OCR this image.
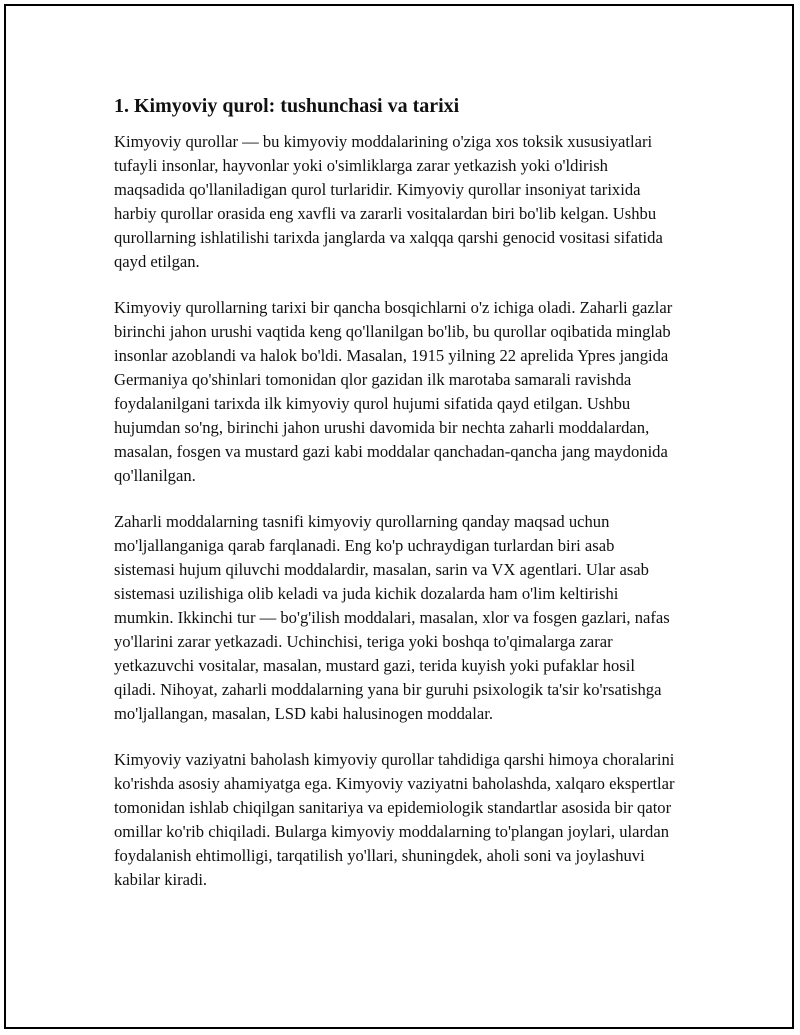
1. Kimyoviy qurol: tushunchasi va tarixi

Kimyoviy qurollar — bu kimyoviy moddalarining o'ziga xos toksik xususiyatlari tufayli insonlar, hayvonlar yoki o'simliklarga zarar yetkazish yoki o'ldirish maqsadida qo'llaniladigan qurol turlaridir. Kimyoviy qurollar insoniyat tarixida harbiy qurollar orasida eng xavfli va zararli vositalardan biri bo'lib kelgan. Ushbu qurollarning ishlatilishi tarixda janglarda va xalqqa qarshi genocid vositasi sifatida qayd etilgan.

Kimyoviy qurollarning tarixi bir qancha bosqichlarni o'z ichiga oladi. Zaharli gazlar birinchi jahon urushi vaqtida keng qo'llanilgan bo'lib, bu qurollar oqibatida minglab insonlar azoblandi va halok bo'ldi. Masalan, 1915 yilning 22 aprelida Ypres jangida Germaniya qo'shinlari tomonidan qlor gazidan ilk marotaba samarali ravishda foydalanilgani tarixda ilk kimyoviy qurol hujumi sifatida qayd etilgan. Ushbu hujumdan so'ng, birinchi jahon urushi davomida bir nechta zaharli moddalardan, masalan, fosgen va mustard gazi kabi moddalar qanchadan-qancha jang maydonida qo'llanilgan.

Zaharli moddalarning tasnifi kimyoviy qurollarning qanday maqsad uchun mo'ljallanganiga qarab farqlanadi. Eng ko'p uchraydigan turlardan biri asab sistemasi hujum qiluvchi moddalardir, masalan, sarin va VX agentlari. Ular asab sistemasi uzilishiga olib keladi va juda kichik dozalarda ham o'lim keltirishi mumkin. Ikkinchi tur — bo'g'ilish moddalari, masalan, xlor va fosgen gazlari, nafas yo'llarini zarar yetkazadi. Uchinchisi, teriga yoki boshqa to'qimalarga zarar yetkazuvchi vositalar, masalan, mustard gazi, terida kuyish yoki pufaklar hosil qiladi. Nihoyat, zaharli moddalarning yana bir guruhi psixologik ta'sir ko'rsatishga mo'ljallangan, masalan, LSD kabi halusinogen moddalar.

Kimyoviy vaziyatni baholash kimyoviy qurollar tahdidiga qarshi himoya choralarini ko'rishda asosiy ahamiyatga ega. Kimyoviy vaziyatni baholashda, xalqaro ekspertlar tomonidan ishlab chiqilgan sanitariya va epidemiologik standartlar asosida bir qator omillar ko'rib chiqiladi. Bularga kimyoviy moddalarning to'plangan joylari, ulardan foydalanish ehtimolligi, tarqatilish yo'llari, shuningdek, aholi soni va joylashuvi kabilar kiradi.
